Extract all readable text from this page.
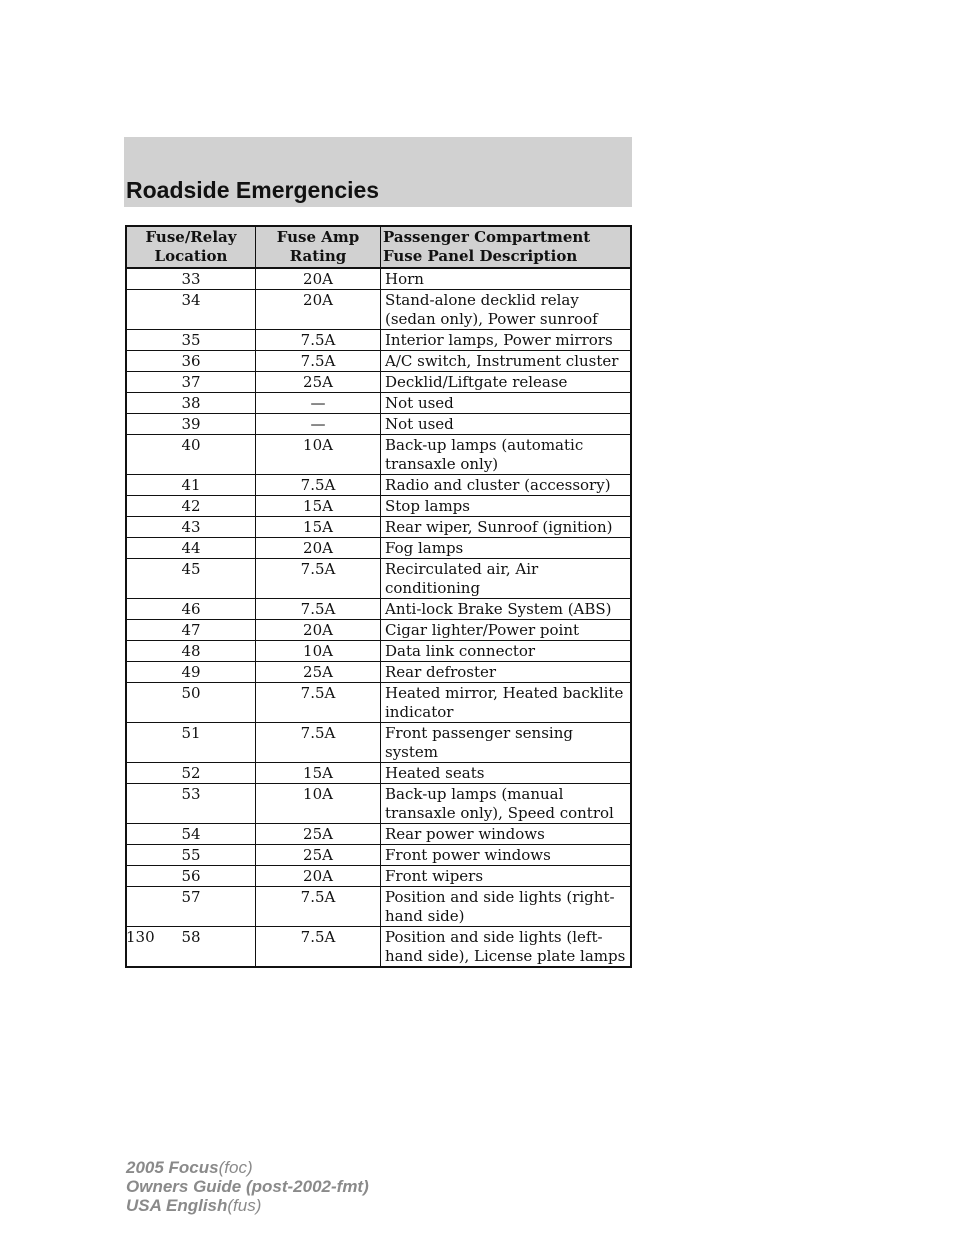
Roadside Emergencies
Fuse/Relay Location	Fuse Amp Rating	Passenger Compartment Fuse Panel Description
33	20A	Horn
34	20A	Stand-alone decklid relay (sedan only), Power sunroof
35	7.5A	Interior lamps, Power mirrors
36	7.5A	A/C switch, Instrument cluster
37	25A	Decklid/Liftgate release
38	—	Not used
39	—	Not used
40	10A	Back-up lamps (automatic transaxle only)
41	7.5A	Radio and cluster (accessory)
42	15A	Stop lamps
43	15A	Rear wiper, Sunroof (ignition)
44	20A	Fog lamps
45	7.5A	Recirculated air, Air conditioning
46	7.5A	Anti-lock Brake System (ABS)
47	20A	Cigar lighter/Power point
48	10A	Data link connector
49	25A	Rear defroster
50	7.5A	Heated mirror, Heated backlite indicator
51	7.5A	Front passenger sensing system
52	15A	Heated seats
53	10A	Back-up lamps (manual transaxle only), Speed control
54	25A	Rear power windows
55	25A	Front power windows
56	20A	Front wipers
57	7.5A	Position and side lights (right-hand side)
58	7.5A	Position and side lights (left-hand side), License plate lamps

130

2005 Focus(foc)
Owners Guide (post-2002-fmt)
USA English(fus)
